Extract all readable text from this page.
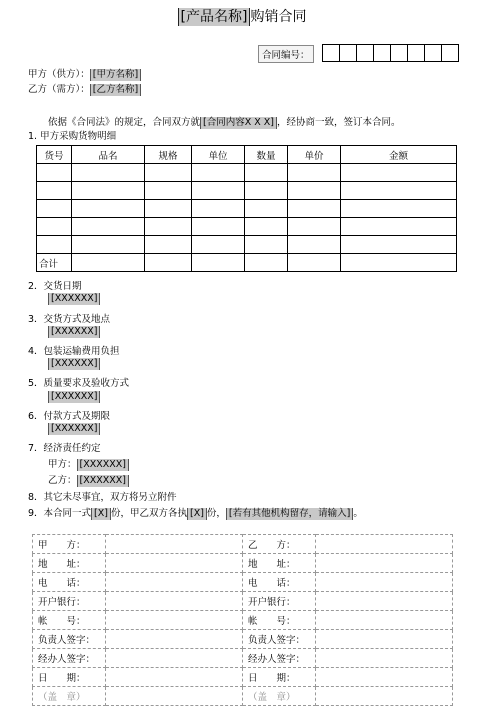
[产品名称] 购销合同
合同编号：
甲方（供方）： [甲方名称]
乙方（需方）： [乙方名称]
依据《合同法》的规定，合同双方就 [合同内容X X X] ，经协商一致，签订本合同。
1. 甲方采购货物明细
货号	品名	规格	单位	数量	单价	金额

合计						
2．交货日期
[XXXXXX]
3．交货方式及地点
[XXXXXX]
4．包装运输费用负担
[XXXXXX]
5．质量要求及验收方式
[XXXXXX]
6．付款方式及期限
[XXXXXX]
7．经济责任约定
甲方： [XXXXXX]
乙方： [XXXXXX]
8．其它未尽事宜，双方将另立附件
9．本合同一式 [X] 份，甲乙双方各执 [X] 份， [若有其他机构留存，请输入] 。
甲　　方：		乙　　方：	
地　　址：		地　　址：	
电　　话：		电　　话：	
开户银行：		开户银行：	
帐　　号：		帐　　号：	
负责人签字：		负责人签字：	
经办人签字：		经办人签字：	
日　　期：		日　　期：	
（盖　章）		（盖　章）	
